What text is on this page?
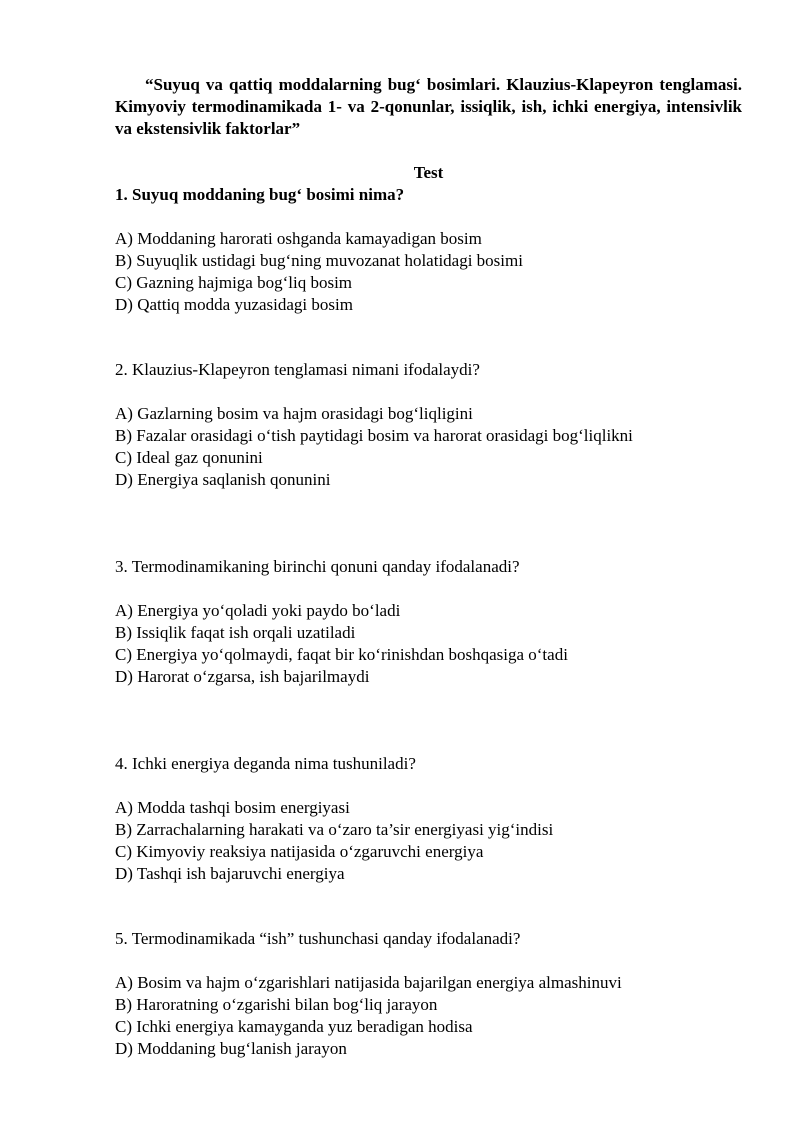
“Suyuq va qattiq moddalarning bug‘ bosimlari. Klauzius-Klapeyron tenglamasi. Kimyoviy termodinamikada 1- va 2-qonunlar, issiqlik, ish, ichki energiya, intensivlik va ekstensivlik faktorlar”

Test

1. Suyuq moddaning bug‘ bosimi nima?

A) Moddaning harorati oshganda kamayadigan bosim
B) Suyuqlik ustidagi bug‘ning muvozanat holatidagi bosimi
C) Gazning hajmiga bog‘liq bosim
D) Qattiq modda yuzasidagi bosim

2. Klauzius-Klapeyron tenglamasi nimani ifodalaydi?

A) Gazlarning bosim va hajm orasidagi bog‘liqligini
B) Fazalar orasidagi o‘tish paytidagi bosim va harorat orasidagi bog‘liqlikni
C) Ideal gaz qonunini
D) Energiya saqlanish qonunini

3. Termodinamikaning birinchi qonuni qanday ifodalanadi?

A) Energiya yo‘qoladi yoki paydo bo‘ladi
B) Issiqlik faqat ish orqali uzatiladi
C) Energiya yo‘qolmaydi, faqat bir ko‘rinishdan boshqasiga o‘tadi
D) Harorat o‘zgarsa, ish bajarilmaydi

4. Ichki energiya deganda nima tushuniladi?

A) Modda tashqi bosim energiyasi
B) Zarrachalarning harakati va o‘zaro ta’sir energiyasi yig‘indisi
C) Kimyoviy reaksiya natijasida o‘zgaruvchi energiya
D) Tashqi ish bajaruvchi energiya

5. Termodinamikada “ish” tushunchasi qanday ifodalanadi?

A) Bosim va hajm o‘zgarishlari natijasida bajarilgan energiya almashinuvi
B) Haroratning o‘zgarishi bilan bog‘liq jarayon
C) Ichki energiya kamayganda yuz beradigan hodisa
D) Moddaning bug‘lanish jarayon
